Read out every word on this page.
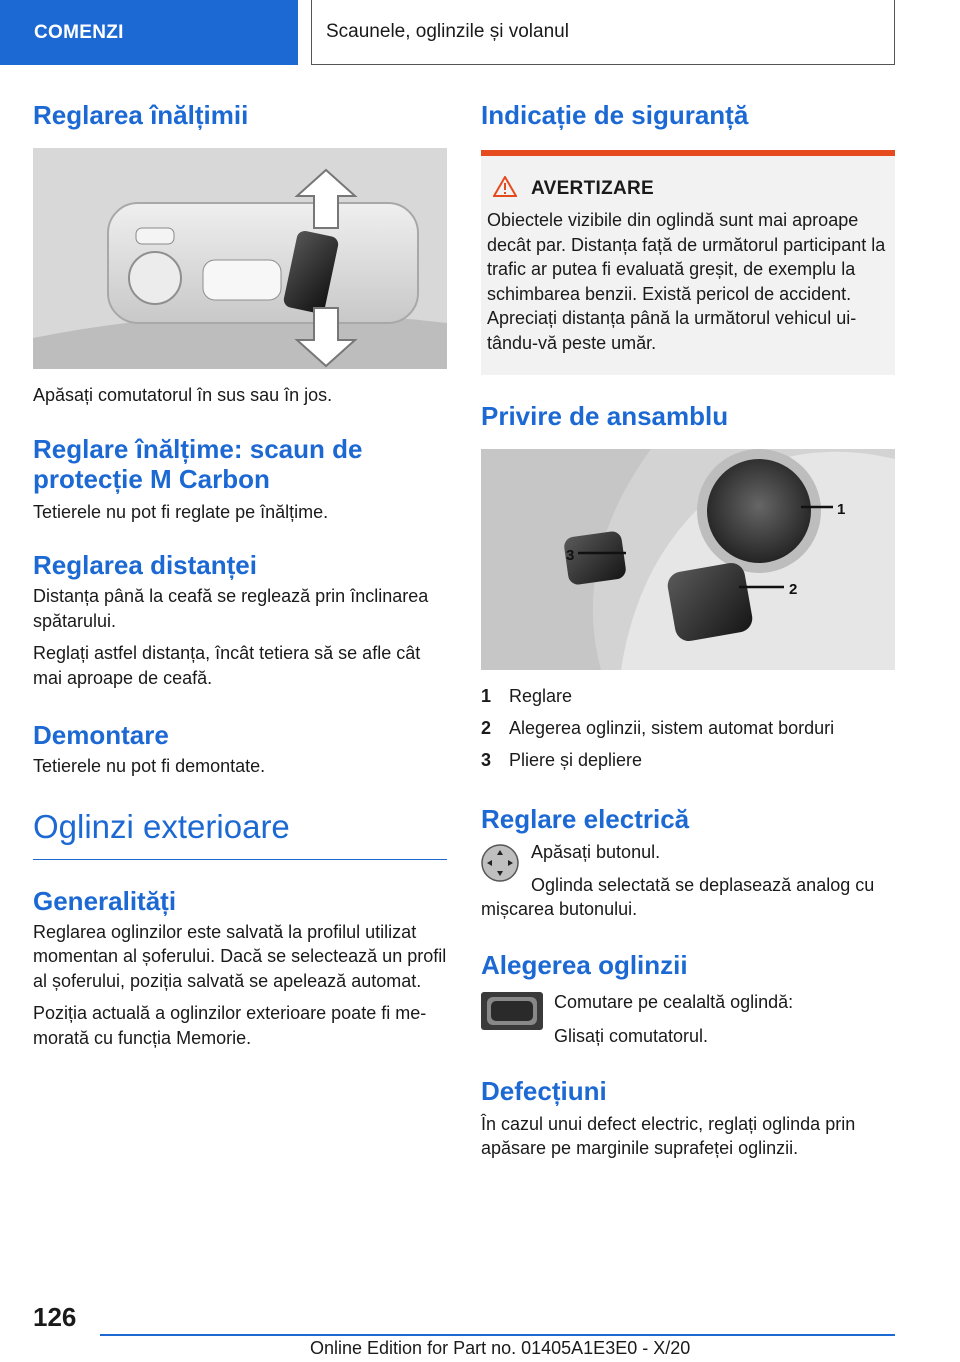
COMENZI	Scaunele, oglinzile și volanul
Reglarea înălțimii

Apăsați comutatorul în sus sau în jos.

Reglare înălțime: scaun de protecție M Carbon

Tetierele nu pot fi reglate pe înălțime.

Reglarea distanței

Distanța până la ceafă se reglează prin înclinarea spătarului.

Reglați astfel distanța, încât tetiera să se afle cât mai aproape de ceafă.

Demontare

Tetierele nu pot fi demontate.

Oglinzi exterioare
Generalități

Reglarea oglinzilor este salvată la profilul utilizat momentan al șoferului. Dacă se selectează un profil al șoferului, poziția salvată se apelează automat.

Poziția actuală a oglinzilor exterioare poate fi memorată cu funcția Memorie.

Indicație de siguranță
AVERTIZARE

Obiectele vizibile din oglindă sunt mai aproape decât par. Distanța față de următorul participant la trafic ar putea fi evaluată greșit, de exemplu la schimbarea benzii. Există pericol de accident. Apreciați distanța până la următorul vehicul uitându-vă peste umăr.

Privire de ansamblu
1
2
3
1 Reglare
2 Alegerea oglinzii, sistem automat borduri
3 Pliere și depliere
Reglare electrică

Apăsați butonul.

Oglinda selectată se deplasează analog cu mișcarea butonului.

Alegerea oglinzii

Comutare pe cealaltă oglindă:

Glisați comutatorul.

Defecțiuni

În cazul unui defect electric, reglați oglinda prin apăsare pe marginile suprafeței oglinzii.

126
Online Edition for Part no. 01405A1E3E0 - X/20
